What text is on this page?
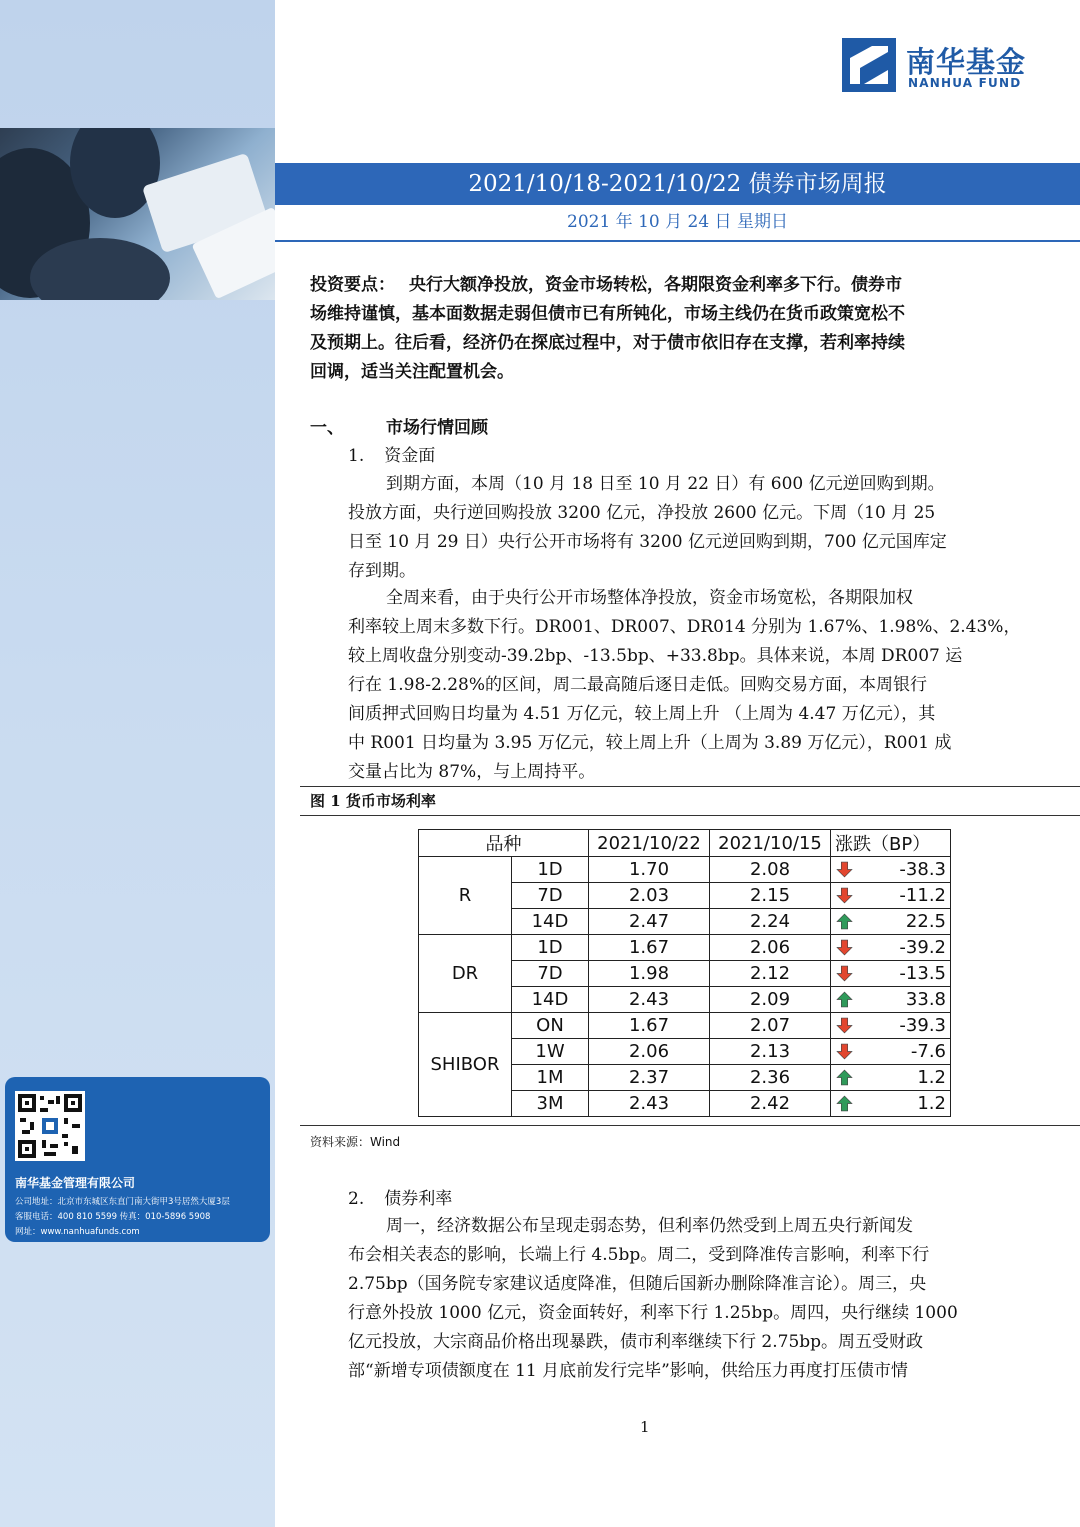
南华基金
NANHUA FUND
2021/10/18-2021/10/22 债券市场周报
2021 年 10 月 24 日 星期日
投资要点： 央行大额净投放，资金市场转松，各期限资金利率多下行。债券市
场维持谨慎，基本面数据走弱但债市已有所钝化，市场主线仍在货币政策宽松不
及预期上。往后看，经济仍在探底过程中，对于债市依旧存在支撑，若利率持续
回调，适当关注配置机会。
一、 市场行情回顾
1. 资金面
到期方面，本周（10 月 18 日至 10 月 22 日）有 600 亿元逆回购到期。
投放方面，央行逆回购投放 3200 亿元，净投放 2600 亿元。下周（10 月 25
日至 10 月 29 日）央行公开市场将有 3200 亿元逆回购到期，700 亿元国库定
存到期。
全周来看，由于央行公开市场整体净投放，资金市场宽松，各期限加权
利率较上周末多数下行。DR001、DR007、DR014 分别为 1.67%、1.98%、2.43%，
较上周收盘分别变动-39.2bp、-13.5bp、+33.8bp。具体来说，本周 DR007 运
行在 1.98-2.28%的区间，周二最高随后逐日走低。回购交易方面，本周银行
间质押式回购日均量为 4.51 万亿元，较上周上升 （上周为 4.47 万亿元），其
中 R001 日均量为 3.95 万亿元，较上周上升（上周为 3.89 万亿元），R001 成
交量占比为 87%，与上周持平。
图 1 货币市场利率
品种		2021/10/22	2021/10/15	涨跌（BP）
R	1D	1.70	2.08	-38.3
	7D	2.03	2.15	-11.2
	14D	2.47	2.24	22.5
DR	1D	1.67	2.06	-39.2
	7D	1.98	2.12	-13.5
	14D	2.43	2.09	33.8
SHIBOR	ON	1.67	2.07	-39.3
	1W	2.06	2.13	-7.6
	1M	2.37	2.36	1.2
	3M	2.43	2.42	1.2
资料来源：Wind
2. 债券利率
周一，经济数据公布呈现走弱态势，但利率仍然受到上周五央行新闻发
布会相关表态的影响，长端上行 4.5bp。周二，受到降准传言影响，利率下行
2.75bp（国务院专家建议适度降准，但随后国新办删除降准言论）。周三，央
行意外投放 1000 亿元，资金面转好，利率下行 1.25bp。周四，央行继续 1000
亿元投放，大宗商品价格出现暴跌，债市利率继续下行 2.75bp。周五受财政
部“新增专项债额度在 11 月底前发行完毕”影响，供给压力再度打压债市情
南华基金管理有限公司
公司地址：北京市东城区东直门南大街甲3号居然大厦3层
客服电话：400 810 5599 传真：010-5896 5908
网址：www.nanhuafunds.com
1
